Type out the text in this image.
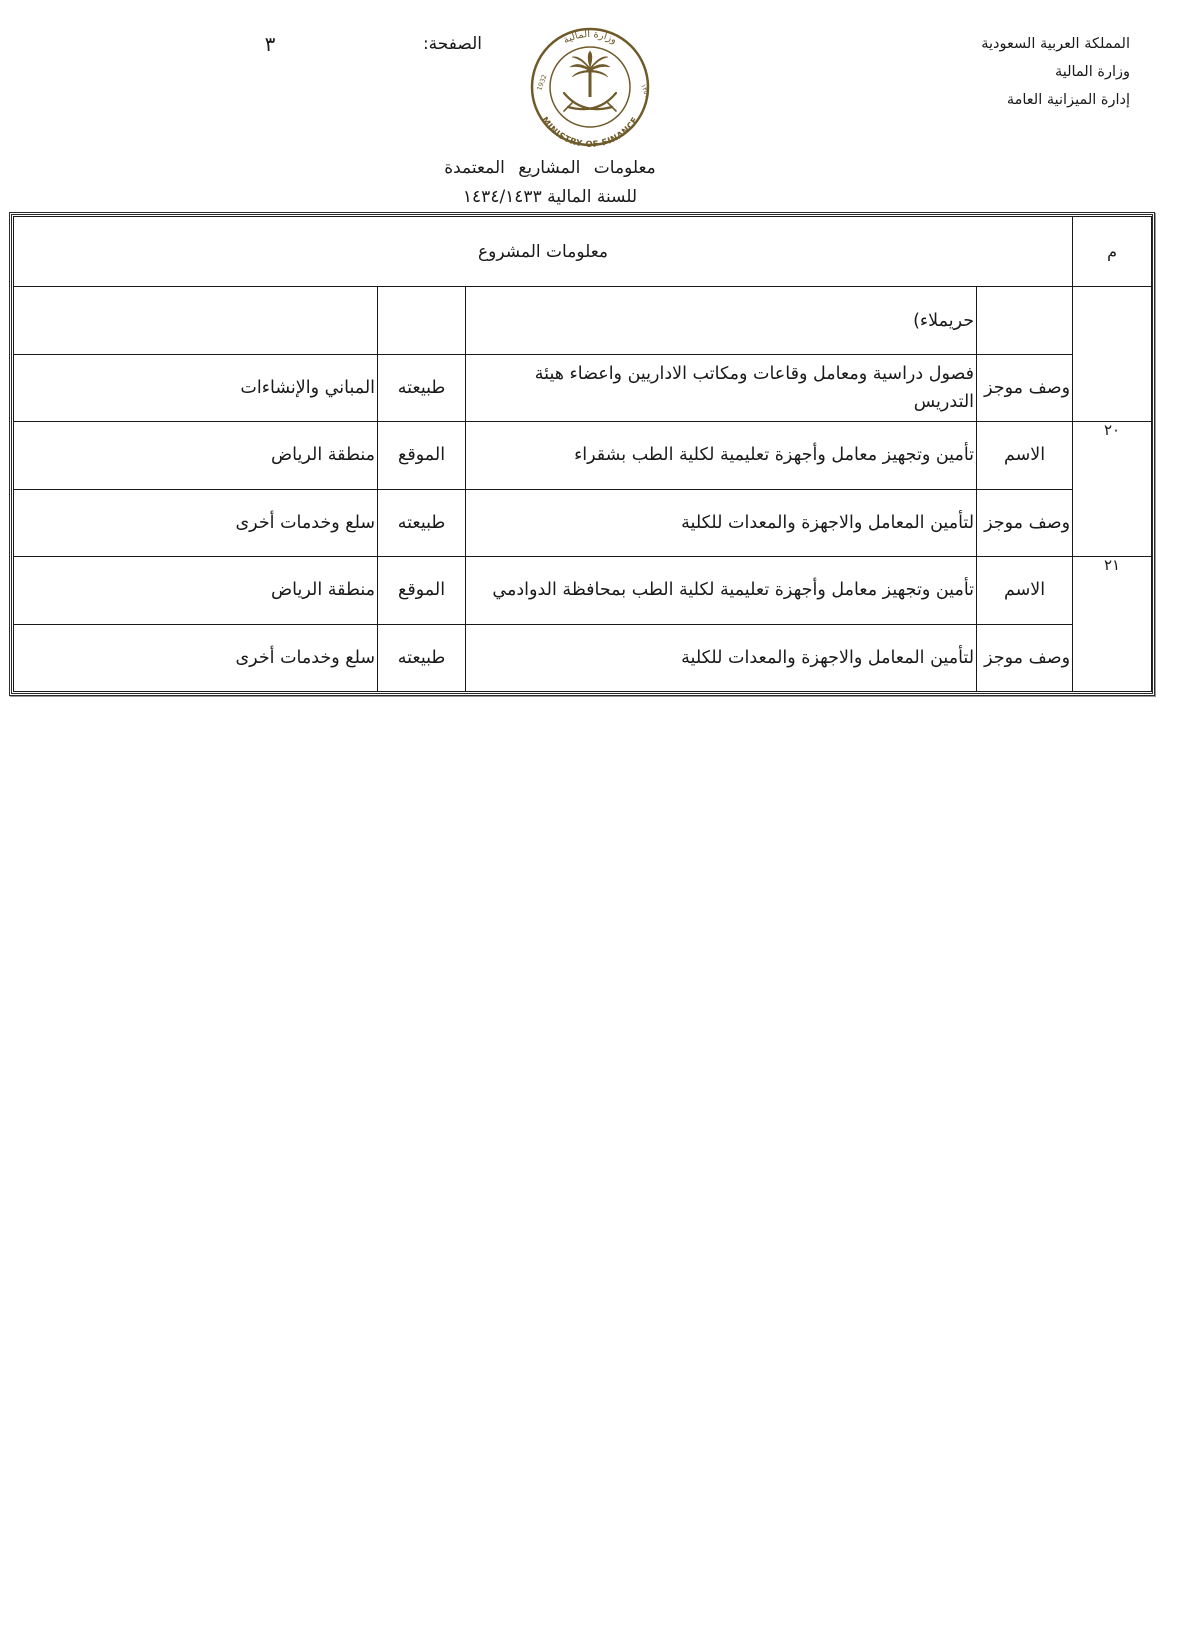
المملكة العربية السعودية
وزارة المالية
إدارة الميزانية العامة
الصفحة:
٣	وزارة المالية
MINISTRY OF FINANCE
1932	١٣٥١
معلومات المشاريع المعتمدة
للسنة المالية ١٤٣٤/١٤٣٣
م	معلومات المشروع			
		حريملاء)		
	وصف موجز	فصول دراسية ومعامل وقاعات ومكاتب الاداريين واعضاء هيئة التدريس	طبيعته	المباني والإنشاءات

٢٠	الاسم	تأمين وتجهيز معامل وأجهزة تعليمية لكلية الطب بشقراء	الموقع	منطقة الرياض
	وصف موجز	لتأمين المعامل والاجهزة والمعدات للكلية	طبيعته	سلع وخدمات أخرى

٢١	الاسم	تأمين وتجهيز معامل وأجهزة تعليمية لكلية الطب بمحافظة الدوادمي	الموقع	منطقة الرياض
	وصف موجز	لتأمين المعامل والاجهزة والمعدات للكلية	طبيعته	سلع وخدمات أخرى
